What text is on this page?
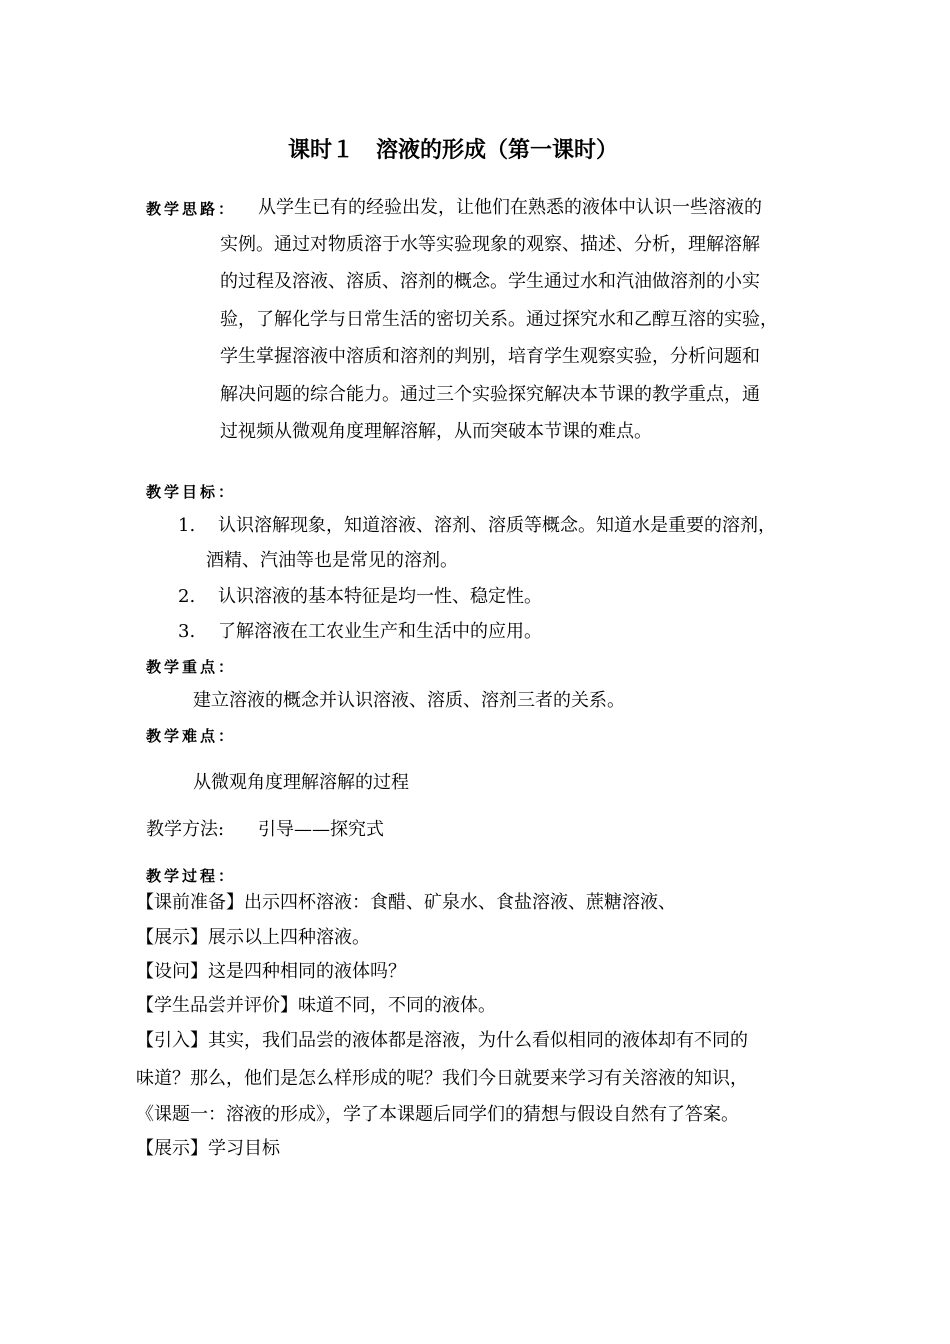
课时１　溶液的形成（第一课时）
教学思路： 从学生已有的经验出发，让他们在熟悉的液体中认识一些溶液的
实例。通过对物质溶于水等实验现象的观察、描述、分析，理解溶解
的过程及溶液、溶质、溶剂的概念。学生通过水和汽油做溶剂的小实
验，了解化学与日常生活的密切关系。通过探究水和乙醇互溶的实验，
学生掌握溶液中溶质和溶剂的判别，培育学生观察实验，分析问题和
解决问题的综合能力。通过三个实验探究解决本节课的教学重点，通
过视频从微观角度理解溶解，从而突破本节课的难点。
教学目标：
1. 认识溶解现象，知道溶液、溶剂、溶质等概念。知道水是重要的溶剂，
酒精、汽油等也是常见的溶剂。
2. 认识溶液的基本特征是均一性、稳定性。
3. 了解溶液在工农业生产和生活中的应用。
教学重点：
建立溶液的概念并认识溶液、溶质、溶剂三者的关系。
教学难点：
从微观角度理解溶解的过程
教学方法: 引导——探究式
教学过程：
【课前准备】出示四杯溶液：食醋、矿泉水、食盐溶液、蔗糖溶液、
【展示】展示以上四种溶液。
【设问】这是四种相同的液体吗？
【学生品尝并评价】味道不同，不同的液体。
【引入】其实，我们品尝的液体都是溶液，为什么看似相同的液体却有不同的
味道？那么，他们是怎么样形成的呢？我们今日就要来学习有关溶液的知识，
《课题一：溶液的形成》，学了本课题后同学们的猜想与假设自然有了答案。
【展示】学习目标
